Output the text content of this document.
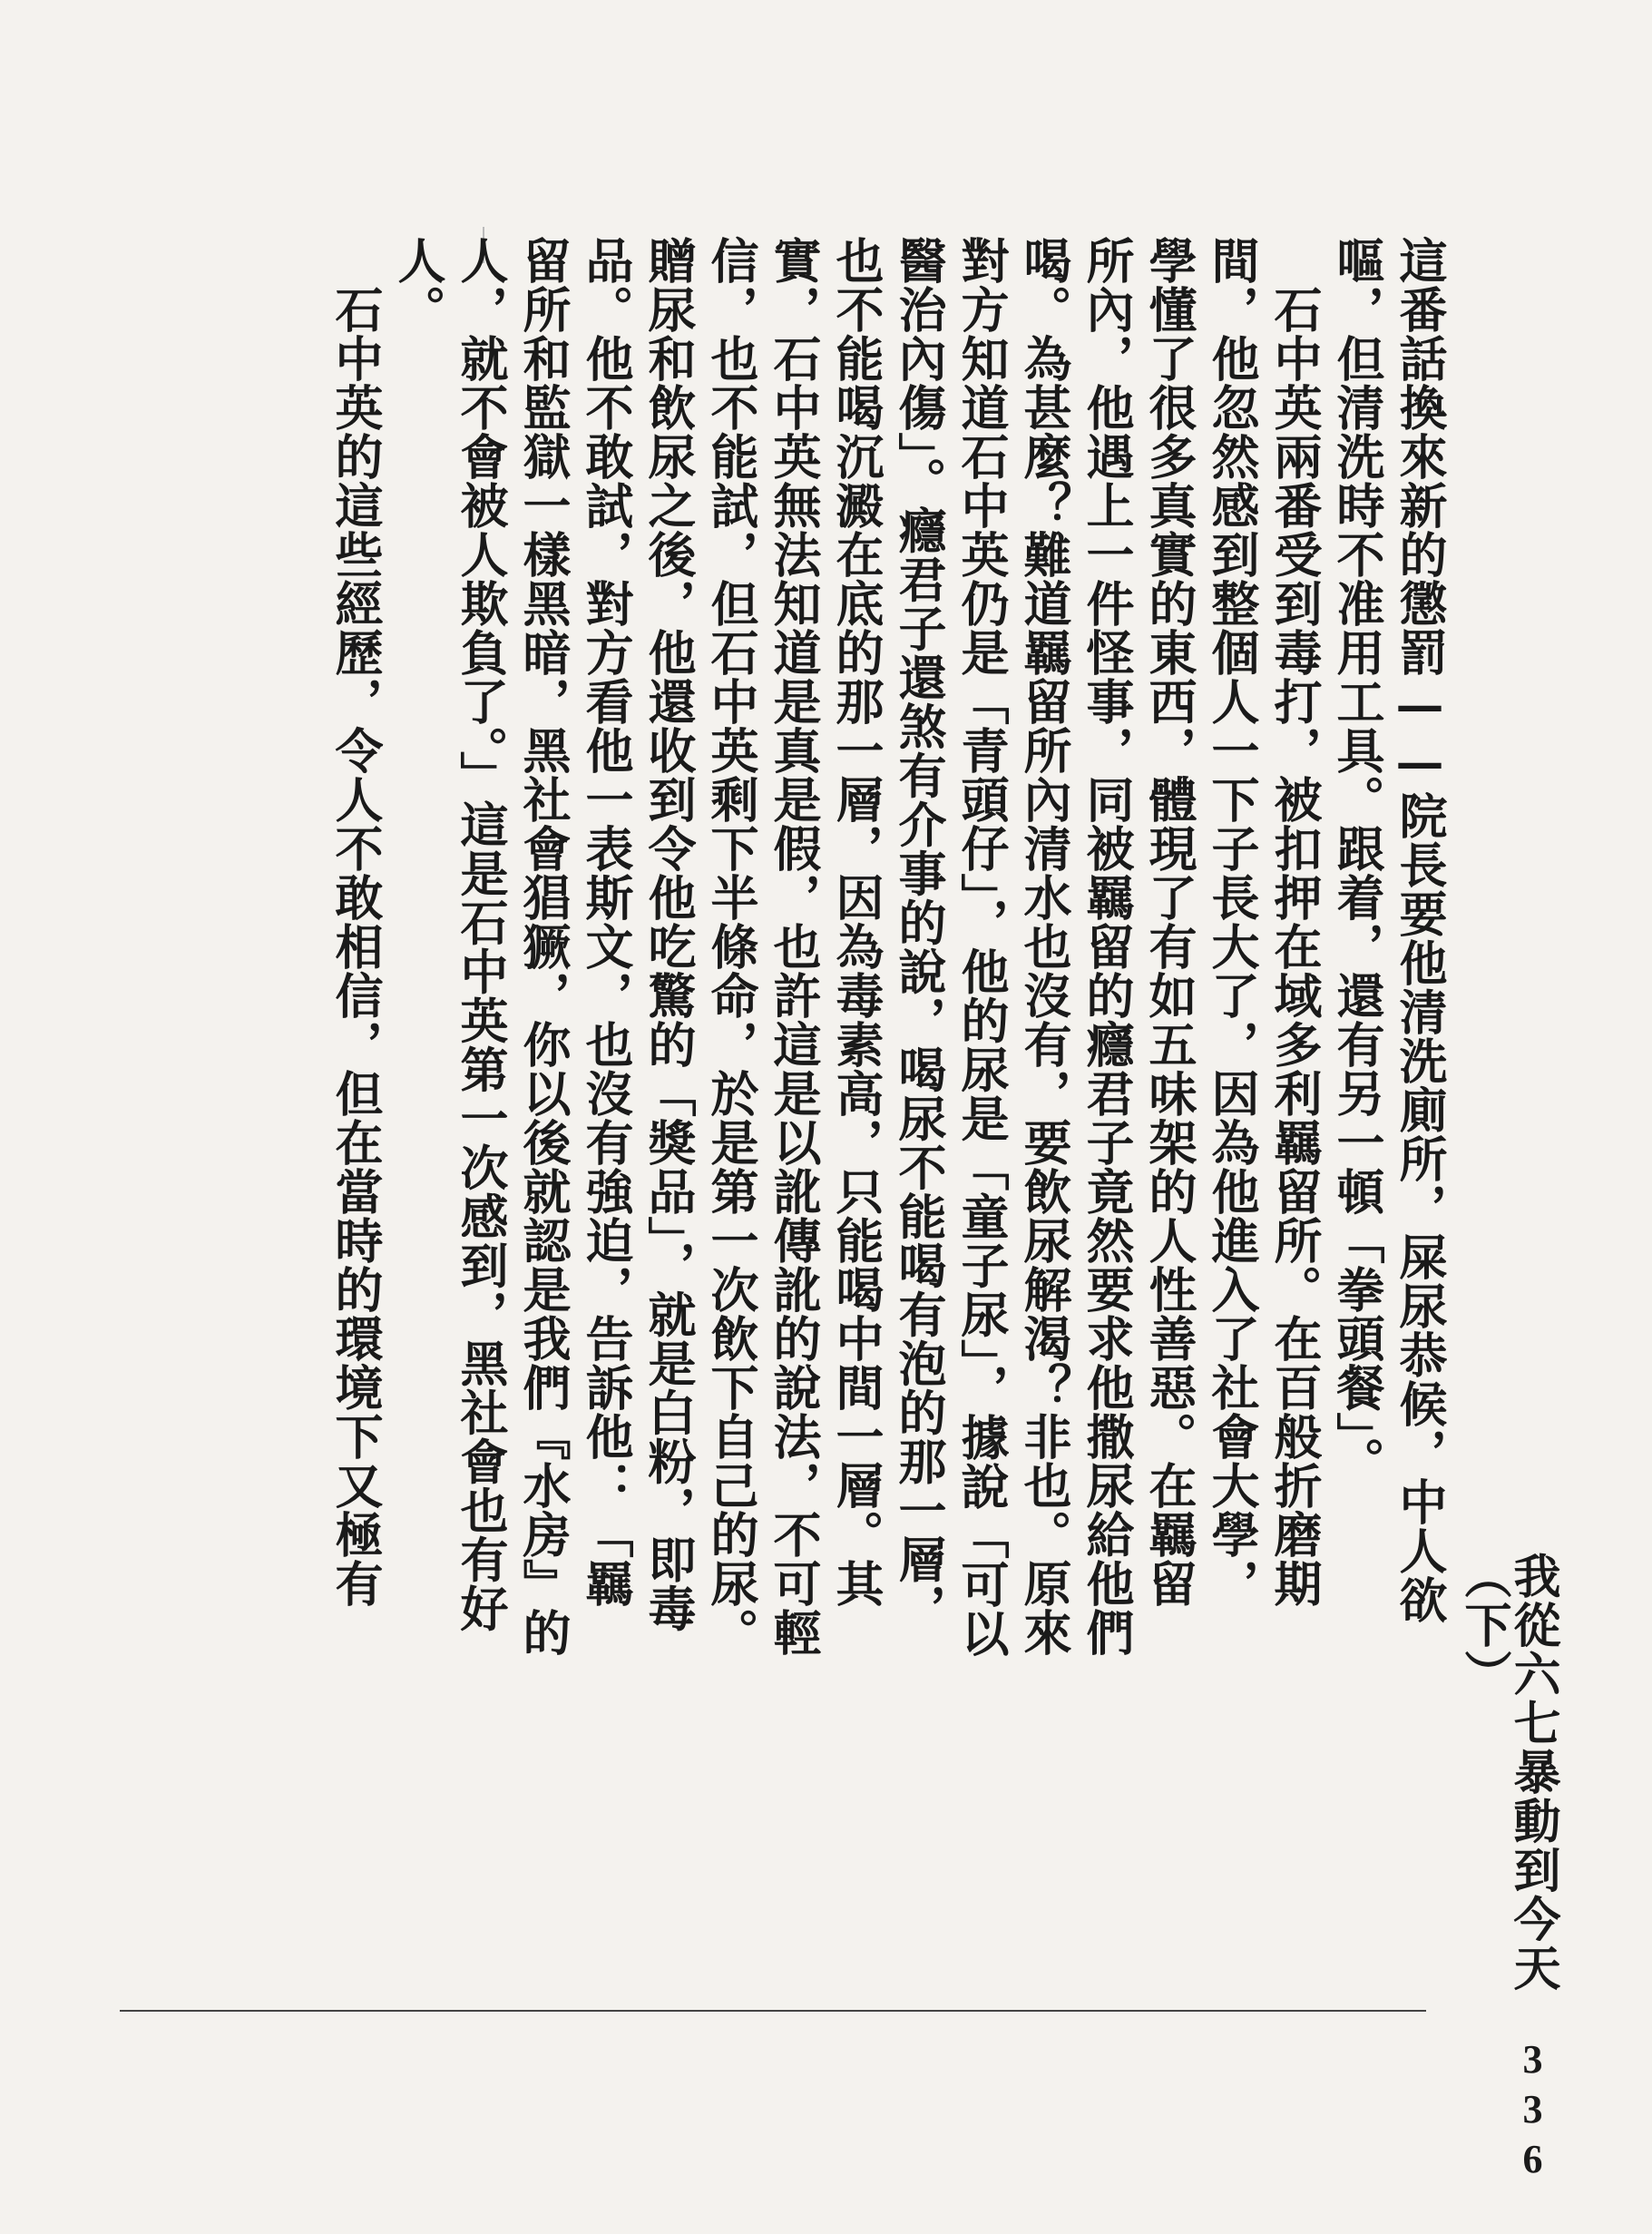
這番話換來新的懲罰——院長要他清洗廁所，屎尿恭候，中人欲
嘔，但清洗時不准用工具。跟着，還有另一頓「拳頭餐」。
　石中英兩番受到毒打，被扣押在域多利羈留所。在百般折磨期
間，他忽然感到整個人一下子長大了，因為他進入了社會大學，
學懂了很多真實的東西，體現了有如五味架的人性善惡。在羈留
所內，他遇上一件怪事，同被羈留的癮君子竟然要求他撒尿給他們
喝。為甚麼？難道羈留所內清水也沒有，要飲尿解渴？非也。原來
對方知道石中英仍是「青頭仔」，他的尿是「童子尿」，據說「可以
醫治內傷」。癮君子還煞有介事的說，喝尿不能喝有泡的那一層，
也不能喝沉澱在底的那一層，因為毒素高，只能喝中間一層。其
實，石中英無法知道是真是假，也許這是以訛傳訛的說法，不可輕
信，也不能試，但石中英剩下半條命，於是第一次飲下自己的尿。
贈尿和飲尿之後，他還收到令他吃驚的「獎品」，就是白粉，即毒
品。他不敢試，對方看他一表斯文，也沒有強迫，告訴他：「羈
留所和監獄一樣黑暗，黑社會猖獗，你以後就認是我們『水房』的
人，就不會被人欺負了。」這是石中英第一次感到，黑社會也有好
人。
　石中英的這些經歷，令人不敢相信，但在當時的環境下又極有
我從六七暴動到今天（下）
336
